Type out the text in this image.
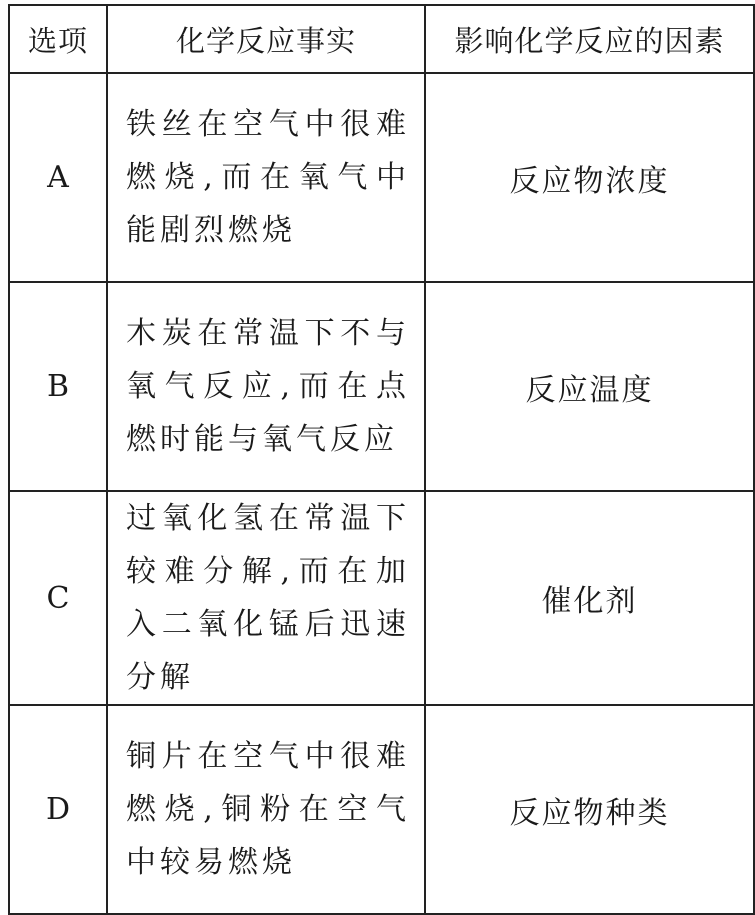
选项	化学反应事实	影响化学反应的因素
A	铁丝在空气中很难燃烧,而在氧气中能剧烈燃烧	反应物浓度
B	木炭在常温下不与氧气反应,而在点燃时能与氧气反应	反应温度
C	过氧化氢在常温下较难分解,而在加入二氧化锰后迅速分解	催化剂
D	铜片在空气中很难燃烧,铜粉在空气中较易燃烧	反应物种类
